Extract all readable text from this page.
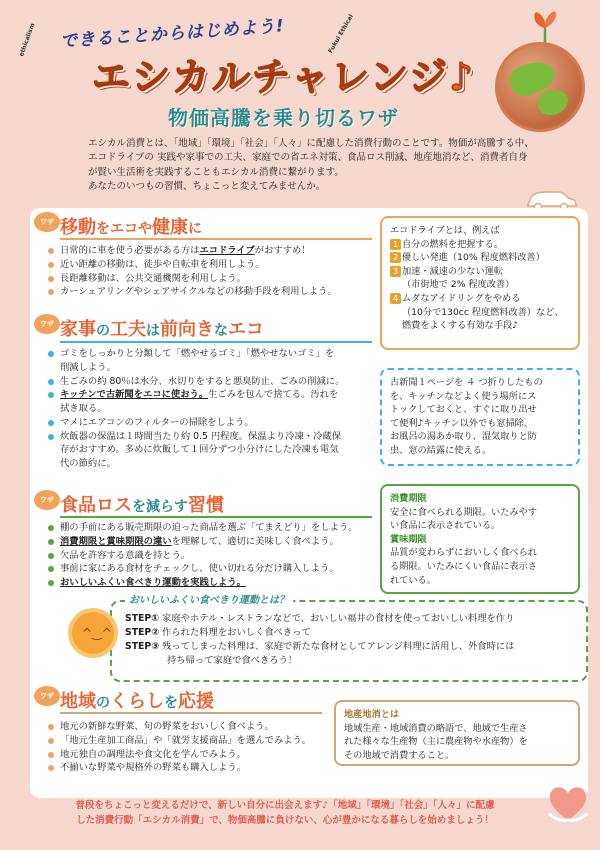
ethicalism できることからはじめよう!	Fukui Ethical
エシカルチャレンジ♪
物価高騰を乗り切るワザ
エシカル消費とは、「地域」「環境」「社会」「人々」に配慮した消費行動のことです。物価が高騰する中、
エコドライブの 実践や家事での工夫、家庭での省エネ対策、食品ロス削減、地産地消など、消費者自身
が賢い生活術を実践することもエシカル消費に繋がります。
あなたのいつもの習慣、ちょこっと変えてみませんか。
ワザ 移動をエコや健康に
日常的に車を使う必要がある方はエコドライブがおすすめ！
近い距離の移動は、徒歩や自転車を利用しよう。
長距離移動は、公共交通機関を利用しよう。
カーシェアリングやシェアサイクルなどの移動手段を利用しよう。
エコドライブとは、例えば
1 自分の燃料を把握する。
2 優しい発進（10% 程度燃料改善）
3 加速・減速の少ない運転
（市街地で 2% 程度改善）
4 ムダなアイドリングをやめる
（10分で130cc 程度燃料改善）など、
燃費をよくする有効な手段♪
ワザ 家事の工夫は前向きなエコ
ゴミをしっかりと分類して「燃やせるゴミ」「燃やせないゴミ」を
削減しよう。
生ごみの約 80％は水分、水切りをすると悪臭防止、ごみの削減に。
キッチンで古新聞をエコに使おう。生ごみを包んで捨てる。汚れを
拭き取る。
マメにエアコンのフィルターの掃除をしよう。
炊飯器の保温は１時間当たり約 0.5 円程度。保温より冷凍・冷蔵保
存がおすすめ。多めに炊飯して１回分ずつ小分けにした冷凍も電気
代の節約に。
古新聞１ページを ４ つ折りしたもの
を、キッチンなどよく使う場所にス
トックしておくと、すぐに取り出せ
て便利♪キッチン以外でも窓掃除、
お風呂の湯あか取り、湿気取りと防
虫、窓の結露に使える。
ワザ 食品ロスを減らす習慣
棚の手前にある販売期限の迫った商品を選ぶ「てまえどり」をしよう。
消費期限と賞味期限の違いを理解して、適切に美味しく食べよう。
欠品を許容する意識を持とう。
事前に家にある食材をチェックし、使い切れる分だけ購入しよう。
おいしいふくい食べきり運動を実践しよう。
消費期限
安全に食べられる期限。いたみやす
い食品に表示されている。
賞味期限
品質が変わらずにおいしく食べられ
る期限。いたみにくい食品に表示さ
れている。
おいしいふくい食べきり運動とは？
^‿^
STEP① 家庭やホテル・レストランなどで、おいしい福井の食材を使っておいしい料理を作り
STEP② 作られた料理をおいしく食べきって
STEP③ 残ってしまった料理は、家庭で新たな食材としてアレンジ料理に活用し、外食時には
持ち帰って家庭で食べきろう！
ワザ 地域のくらしを応援
地元の新鮮な野菜、旬の野菜をおいしく食べよう。
「地元生産加工商品」や「就労支援商品」を選んでみよう。
地元独自の調理法や食文化を学んでみよう。
不揃いな野菜や規格外の野菜も購入しよう。
地産地消とは
地域生産・地域消費の略語で、地域で生産さ
れた様々な生産物（主に農産物や水産物）を
その地域で消費すること。
普段をちょこっと変えるだけで、新しい自分に出会えます♪「地域」「環境」「社会」「人々」に配慮
した消費行動「エシカル消費」で、物価高騰に負けない、心が豊かになる暮らしを始めましょう！
